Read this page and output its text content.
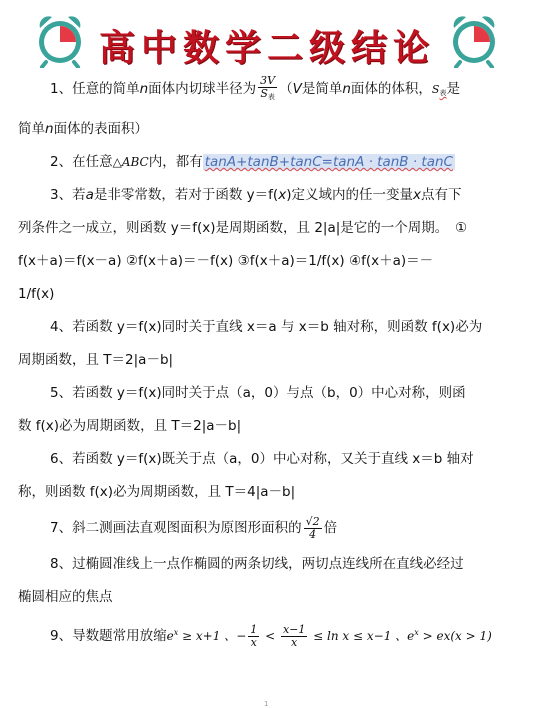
高中数学二级结论

1、任意的简单n面体内切球半径为 $\frac{3V}{S_表} (V$是简单n面体的体积，$S_表$是

简单n面体的表面积）

2、在任意△ABC内，都有 tanA+tanB+tanC=tanA · tanB · tanC

3、若a是非零常数，若对于函数 y＝f(x)定义域内的任一变量x点有下

列条件之一成立，则函数 y＝f(x)是周期函数，且 2|a|是它的一个周期。　①

f(x＋a)＝f(x－a) ②f(x＋a)＝－f(x) ③f(x＋a)＝1/f(x) ④f(x＋a)＝－

1/f(x)

4、若函数 y＝f(x)同时关于直线 x＝a 与 x＝b 轴对称，则函数 f(x)必为

周期函数，且 T＝2|a－b|

5、若函数 y＝f(x)同时关于点（a，0）与点（b，0）中心对称，则函

数 f(x)必为周期函数，且 T＝2|a－b|

6、若函数 y＝f(x)既关于点（a，0）中心对称，又关于直线 x＝b 轴对

称，则函数 f(x)必为周期函数，且 T＝4|a－b|

7、斜二测画法直观图面积为原图形面积的 $\frac{√2}{4}$ 倍

8、过椭圆准线上一点作椭圆的两条切线，两切点连线所在直线必经过

椭圆相应的焦点

9、导数题常用放缩$e^x \ge x+1$ 、− $\frac{1}{x} < \frac{x-1}{x} \le \ln x \le x-1$ 、$e^x > ex(x > 1)$

1
